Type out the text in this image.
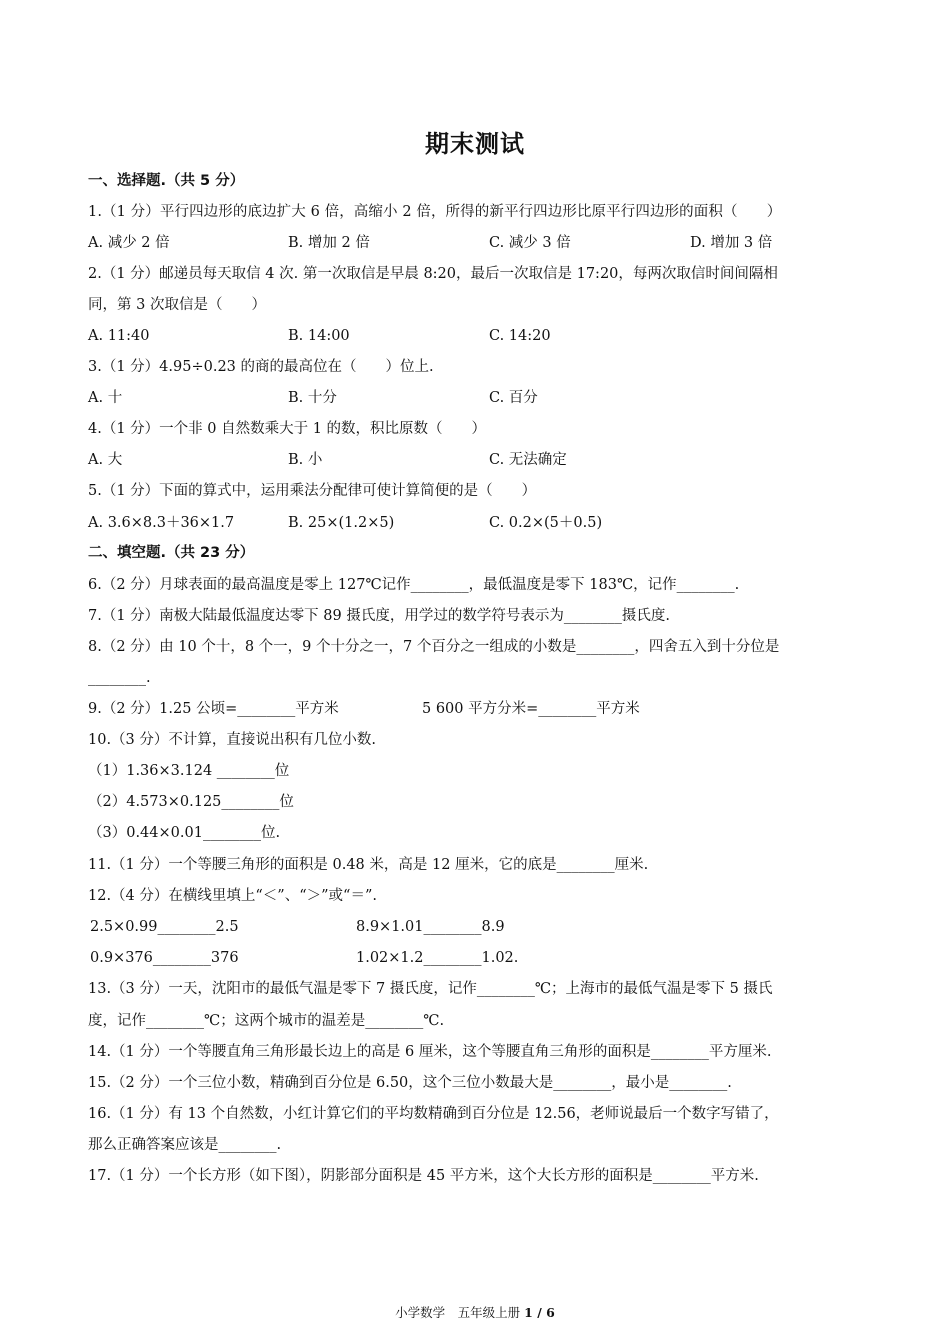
期末测试
一、选择题.（共 5 分）
1.（1 分）平行四边形的底边扩大 6 倍，高缩小 2 倍，所得的新平行四边形比原平行四边形的面积（　　）
A. 减少 2 倍	B. 增加 2 倍	C. 减少 3 倍	D. 增加 3 倍
2.（1 分）邮递员每天取信 4 次. 第一次取信是早晨 8:20，最后一次取信是 17:20，每两次取信时间间隔相
同，第 3 次取信是（　　）
A. 11:40	B. 14:00	C. 14:20
3.（1 分）4.95÷0.23 的商的最高位在（　　）位上.
A. 十	B. 十分	C. 百分
4.（1 分）一个非 0 自然数乘大于 1 的数，积比原数（　　）
A. 大	B. 小	C. 无法确定
5.（1 分）下面的算式中，运用乘法分配律可使计算简便的是（　　）
A. 3.6×8.3＋36×1.7	B. 25×(1.2×5)	C. 0.2×(5＋0.5)
二、填空题.（共 23 分）
6.（2 分）月球表面的最高温度是零上 127℃记作________，最低温度是零下 183℃，记作________.
7.（1 分）南极大陆最低温度达零下 89 摄氏度，用学过的数学符号表示为________摄氏度.
8.（2 分）由 10 个十，8 个一，9 个十分之一，7 个百分之一组成的小数是________，四舍五入到十分位是
________.
9.（2 分）1.25 公顷=________平方米	5 600 平方分米=________平方米
10.（3 分）不计算，直接说出积有几位小数.
（1）1.36×3.124 ________位
（2）4.573×0.125________位
（3）0.44×0.01________位.
11.（1 分）一个等腰三角形的面积是 0.48 米，高是 12 厘米，它的底是________厘米.
12.（4 分）在横线里填上“＜”、“＞”或“＝”.
2.5×0.99________2.5	8.9×1.01________8.9
0.9×376________376	1.02×1.2________1.02.
13.（3 分）一天，沈阳市的最低气温是零下 7 摄氏度，记作________℃；上海市的最低气温是零下 5 摄氏
度，记作________℃；这两个城市的温差是________℃.
14.（1 分）一个等腰直角三角形最长边上的高是 6 厘米，这个等腰直角三角形的面积是________平方厘米.
15.（2 分）一个三位小数，精确到百分位是 6.50，这个三位小数最大是________，最小是________.
16.（1 分）有 13 个自然数，小红计算它们的平均数精确到百分位是 12.56，老师说最后一个数字写错了，
那么正确答案应该是________.
17.（1 分）一个长方形（如下图），阴影部分面积是 45 平方米，这个大长方形的面积是________平方米.
小学数学　五年级上册 1 / 6
